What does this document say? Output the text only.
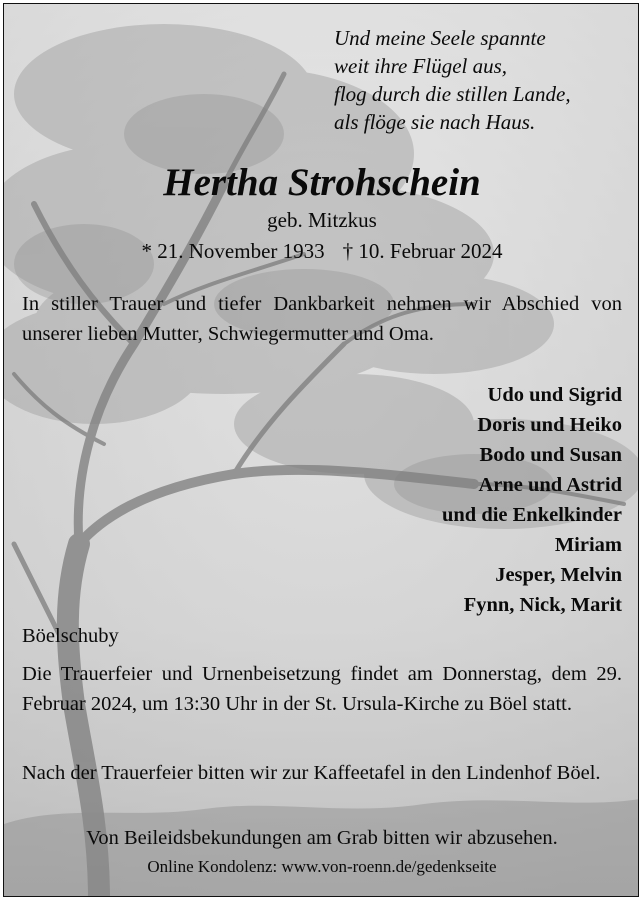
Und meine Seele spannte
weit ihre Flügel aus,
flog durch die stillen Lande,
als flöge sie nach Haus.
Hertha Strohschein
geb. Mitzkus
* 21. November 1933 † 10. Februar 2024
In stiller Trauer und tiefer Dankbarkeit nehmen wir Abschied von unserer lieben Mutter, Schwiegermutter und Oma.
Udo und Sigrid
Doris und Heiko
Bodo und Susan
Arne und Astrid
und die Enkelkinder
Miriam
Jesper, Melvin
Fynn, Nick, Marit
Böelschuby
Die Trauerfeier und Urnenbeisetzung findet am Donnerstag, dem 29. Februar 2024, um 13:30 Uhr in der St. Ursula-Kirche zu Böel statt.
Nach der Trauerfeier bitten wir zur Kaffeetafel in den Lindenhof Böel.
Von Beileidsbekundungen am Grab bitten wir abzusehen.
Online Kondolenz: www.von-roenn.de/gedenkseite
